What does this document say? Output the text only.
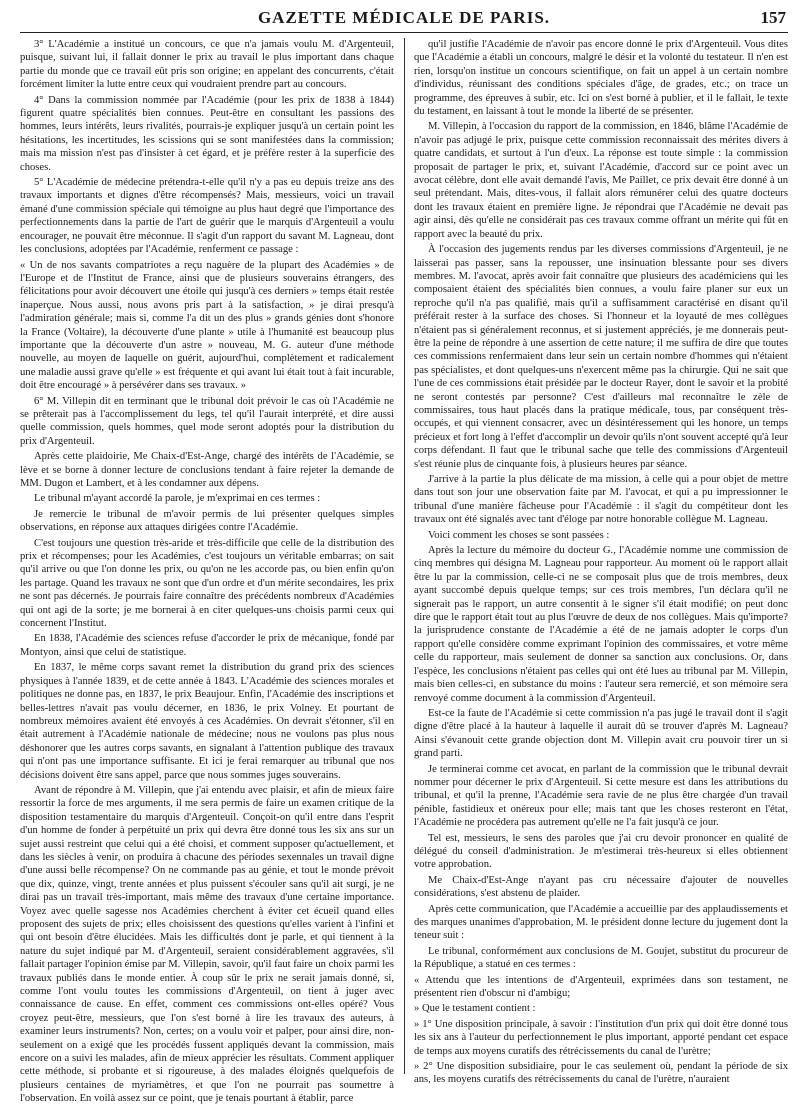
GAZETTE MÉDICALE DE PARIS.	157

3° L'Académie a institué un concours, ce que n'a jamais voulu M. d'Argenteuil, puisque, suivant lui, il fallait donner le prix au travail le plus important dans chaque partie du monde que ce travail eût pris son origine; en appelant des concurrents, c'était forcément limiter la lutte entre ceux qui voudraient prendre part au concours.

4° Dans la commission nommée par l'Académie (pour les prix de 1838 à 1844) figurent quatre spécialités bien connues. Peut-être en consultant les passions des hommes, leurs intérêts, leurs rivalités, pourrais-je expliquer jusqu'à un certain point les hésitations, les incertitudes, les scissions qui se sont manifestées dans la commission; mais ma mission n'est pas d'insister à cet égard, et je préfère rester à la superficie des choses.

5° L'Académie de médecine prétendra-t-elle qu'il n'y a pas eu depuis treize ans des travaux importants et dignes d'être récompensés? Mais, messieurs, voici un travail émané d'une commission spéciale qui témoigne au plus haut degré que l'importance des perfectionnements dans la partie de l'art de guérir que le marquis d'Argenteuil a voulu encourager, ne pouvait être méconnue. Il s'agit d'un rapport du savant M. Lagneau, dont les conclusions, adoptées par l'Académie, renferment ce passage :

« Un de nos savants compatriotes a reçu naguère de la plupart des Académies » de l'Europe et de l'Institut de France, ainsi que de plusieurs souverains étrangers, des félicitations pour avoir découvert une étoile qui jusqu'à ces derniers » temps était restée inaperçue. Nous aussi, nous avons pris part à la satisfaction, » je dirai presqu'à l'admiration générale; mais si, comme l'a dit un des plus » grands génies dont s'honore la France (Voltaire), la découverte d'une plante » utile à l'humanité est beaucoup plus importante que la découverte d'un astre » nouveau, M. G. auteur d'une méthode nouvelle, au moyen de laquelle on guérit, aujourd'hui, complètement et radicalement une maladie aussi grave qu'elle » est fréquente et qui avant lui était tout à fait incurable, doit être encouragé » à persévérer dans ses travaux. »

6° M. Villepin dit en terminant que le tribunal doit prévoir le cas où l'Académie ne se prêterait pas à l'accomplissement du legs, tel qu'il l'aurait interprété, et dire aussi quelle commission, quels hommes, quel mode seront adoptés pour la distribution du prix d'Argenteuil.

Après cette plaidoirie, Me Chaix-d'Est-Ange, chargé des intérêts de l'Académie, se lève et se borne à donner lecture de conclusions tendant à faire rejeter la demande de MM. Dugon et Lambert, et à les condamner aux dépens.

Le tribunal m'ayant accordé la parole, je m'exprimai en ces termes :

Je remercie le tribunal de m'avoir permis de lui présenter quelques simples observations, en réponse aux attaques dirigées contre l'Académie.

C'est toujours une question très-aride et très-difficile que celle de la distribution des prix et récompenses; pour les Académies, c'est toujours un véritable embarras; on sait qu'il arrive ou que l'on donne les prix, ou qu'on ne les accorde pas, ou bien enfin qu'on les partage. Quand les travaux ne sont que d'un ordre et d'un mérite secondaires, les prix ne sont pas décernés. Je pourrais faire connaître des précédents nombreux d'Académies qui ont agi de la sorte; je me bornerai à en citer quelques-uns choisis parmi ceux qui concernent l'Institut.

En 1838, l'Académie des sciences refuse d'accorder le prix de mécanique, fondé par Montyon, ainsi que celui de statistique.

En 1837, le même corps savant remet la distribution du grand prix des sciences physiques à l'année 1839, et de cette année à 1843. L'Académie des sciences morales et politiques ne donne pas, en 1837, le prix Beaujour. Enfin, l'Académie des inscriptions et belles-lettres n'avait pas voulu décerner, en 1836, le prix Volney. Et pourtant de nombreux mémoires avaient été envoyés à ces Académies. On devrait s'étonner, s'il en était autrement à l'Académie nationale de médecine; nous ne voulons pas plus nous déshonorer que les autres corps savants, en signalant à l'attention publique des travaux qui n'ont pas une importance suffisante. Et ici je ferai remarquer au tribunal que nos décisions doivent être sans appel, parce que nous sommes juges souverains.

Avant de répondre à M. Villepin, que j'ai entendu avec plaisir, et afin de mieux faire ressortir la force de mes arguments, il me sera permis de faire un examen critique de la disposition testamentaire du marquis d'Argenteuil. Conçoit-on qu'il entre dans l'esprit d'un homme de fonder à perpétuité un prix qui devra être donné tous les six ans sur un sujet aussi restreint que celui qui a été choisi, et comment supposer qu'actuellement, et dans les siècles à venir, on produira à chacune des périodes sexennales un travail digne d'une aussi belle récompense? On ne commande pas au génie, et tout le monde prévoit que dix, quinze, vingt, trente années et plus puissent s'écouler sans qu'il ait surgi, je ne dirai pas un travail très-important, mais même des travaux d'une certaine importance. Voyez avec quelle sagesse nos Académies cherchent à éviter cet écueil quand elles proposent des sujets de prix; elles choisissent des questions qu'elles varient à l'infini et qui ont besoin d'être élucidées. Mais les difficultés dont je parle, et qui tiennent à la nature du sujet indiqué par M. d'Argenteuil, seraient considérablement aggravées, s'il fallait partager l'opinion émise par M. Villepin, savoir, qu'il faut faire un choix parmi les travaux publiés dans le monde entier. À coup sûr le prix ne serait jamais donné, si, comme l'ont voulu toutes les commissions d'Argenteuil, on tient à juger avec connaissance de cause. En effet, comment ces commissions ont-elles opéré? Vous croyez peut-être, messieurs, que l'on s'est borné à lire les travaux des auteurs, à examiner leurs instruments? Non, certes; on a voulu voir et palper, pour ainsi dire, non-seulement on a exigé que les procédés fussent appliqués devant la commission, mais encore on a suivi les malades, afin de mieux apprécier les résultats. Comment appliquer cette méthode, si probante et si rigoureuse, à des malades éloignés quelquefois de plusieurs centaines de myriamètres, et que l'on ne pourrait pas soumettre à l'observation. En voilà assez sur ce point, que je tenais pourtant à établir, parce

qu'il justifie l'Académie de n'avoir pas encore donné le prix d'Argenteuil. Vous dites que l'Académie a établi un concours, malgré le désir et la volonté du testateur. Il n'en est rien, lorsqu'on institue un concours scientifique, on fait un appel à un certain nombre d'individus, réunissant des conditions spéciales d'âge, de grades, etc.; on trace un programme, des épreuves à subir, etc. Ici on s'est borné à publier, et il le fallait, le texte du testament, en laissant à tout le monde la liberté de se présenter.

M. Villepin, à l'occasion du rapport de la commission, en 1846, blâme l'Académie de n'avoir pas adjugé le prix, puisque cette commission reconnaissait des mérites divers à quatre candidats, et surtout à l'un d'eux. La réponse est toute simple : la commission proposait de partager le prix, et, suivant l'Académie, d'accord sur ce point avec un avocat célèbre, dont elle avait demandé l'avis, Me Paillet, ce prix devait être donné à un seul prétendant. Mais, dites-vous, il fallait alors rémunérer celui des quatre docteurs dont les travaux étaient en première ligne. Je répondrai que l'Académie ne devait pas agir ainsi, dès qu'elle ne considérait pas ces travaux comme offrant un mérite qui fût en rapport avec la beauté du prix.

À l'occasion des jugements rendus par les diverses commissions d'Argenteuil, je ne laisserai pas passer, sans la repousser, une insinuation blessante pour ses divers membres. M. l'avocat, après avoir fait connaître que plusieurs des académiciens qui les composaient étaient des spécialités bien connues, a voulu faire planer sur eux un reproche qu'il n'a pas qualifié, mais qu'il a suffisamment caractérisé en disant qu'il préférait rester à la surface des choses. Si l'honneur et la loyauté de mes collègues n'étaient pas si généralement reconnus, et si justement appréciés, je me donnerais peut-être la peine de répondre à une assertion de cette nature; il me suffira de dire que toutes ces commissions renfermaient dans leur sein un certain nombre d'hommes qui n'étaient pas spécialistes, et dont quelques-uns n'exercent même pas la chirurgie. Qui ne sait que l'une de ces commissions était présidée par le docteur Rayer, dont le savoir et la probité ne seront contestés par personne? C'est d'ailleurs mal reconnaître le zèle de commissaires, tous haut placés dans la pratique médicale, tous, par conséquent très-occupés, et qui viennent consacrer, avec un désintéressement qui les honore, un temps précieux et fort long à l'effet d'accomplir un devoir qu'ils n'ont souvent accepté qu'à leur corps défendant. Il faut que le tribunal sache que telle des commissions d'Argenteuil s'est réunie plus de cinquante fois, à plusieurs heures par séance.

J'arrive à la partie la plus délicate de ma mission, à celle qui a pour objet de mettre dans tout son jour une observation faite par M. l'avocat, et qui a pu impressionner le tribunal d'une manière fâcheuse pour l'Académie : il s'agit du compétiteur dont les travaux ont été signalés avec tant d'éloge par notre honorable collègue M. Lagneau.

Voici comment les choses se sont passées :

Après la lecture du mémoire du docteur G., l'Académie nomme une commission de cinq membres qui désigna M. Lagneau pour rapporteur. Au moment où le rapport allait être lu par la commission, celle-ci ne se composait plus que de trois membres, deux ayant succombé depuis quelque temps; sur ces trois membres, l'un déclara qu'il ne signerait pas le rapport, un autre consentit à le signer s'il était modifié; on peut donc dire que le rapport était tout au plus l'œuvre de deux de nos collègues. Mais qu'importe? la jurisprudence constante de l'Académie a été de ne jamais adopter le corps d'un rapport qu'elle considère comme exprimant l'opinion des commissaires, et votre même celle du rapporteur, mais seulement de donner sa sanction aux conclusions. Or, dans l'espèce, les conclusions n'étaient pas celles qui ont été lues au tribunal par M. Villepin, mais bien celles-ci, en substance du moins : l'auteur sera remercié, et son mémoire sera renvoyé comme document à la commission d'Argenteuil.

Est-ce la faute de l'Académie si cette commission n'a pas jugé le travail dont il s'agit digne d'être placé à la hauteur à laquelle il aurait dû se trouver d'après M. Lagneau? Ainsi s'évanouit cette grande objection dont M. Villepin avait cru pouvoir tirer un si grand parti.

Je terminerai comme cet avocat, en parlant de la commission que le tribunal devrait nommer pour décerner le prix d'Argenteuil. Si cette mesure est dans les attributions du tribunal, et qu'il la prenne, l'Académie sera ravie de ne plus être chargée d'un travail pénible, fastidieux et onéreux pour elle; mais tant que les choses resteront en l'état, l'Académie ne procédera pas autrement qu'elle ne l'a fait jusqu'à ce jour.

Tel est, messieurs, le sens des paroles que j'ai cru devoir prononcer en qualité de délégué du conseil d'administration. Je m'estimerai très-heureux si elles obtiennent votre approbation.

Me Chaix-d'Est-Ange n'ayant pas cru nécessaire d'ajouter de nouvelles considérations, s'est abstenu de plaider.

Après cette communication, que l'Académie a accueillie par des applaudissements et des marques unanimes d'approbation, M. le président donne lecture du jugement dont la teneur suit :

Le tribunal, conformément aux conclusions de M. Goujet, substitut du procureur de la République, a statué en ces termes :

« Attendu que les intentions de d'Argenteuil, exprimées dans son testament, ne présentent rien d'obscur ni d'ambigu;

» Que le testament contient :

» 1° Une disposition principale, à savoir : l'institution d'un prix qui doit être donné tous les six ans à l'auteur du perfectionnement le plus important, apporté pendant cet espace de temps aux moyens curatifs des rétrécissements du canal de l'urètre;

» 2° Une disposition subsidiaire, pour le cas seulement où, pendant la période de six ans, les moyens curatifs des rétrécissements du canal de l'urètre, n'auraient
